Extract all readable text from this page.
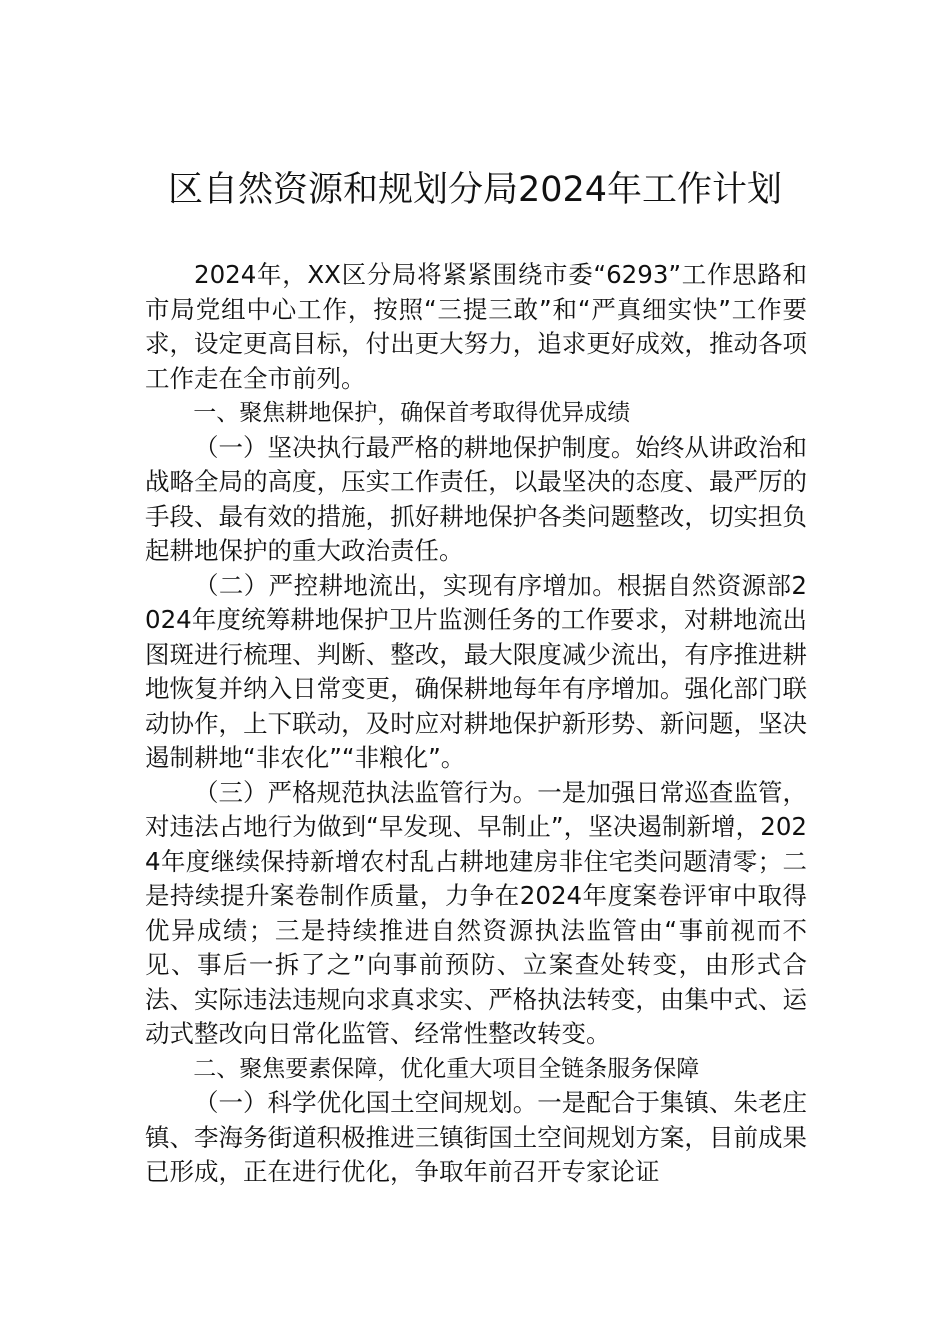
区自然资源和规划分局2024年工作计划

2024年，XX区分局将紧紧围绕市委“6293”工作思路和市局党组中心工作，按照“三提三敢”和“严真细实快”工作要求，设定更高目标，付出更大努力，追求更好成效，推动各项工作走在全市前列。

一、聚焦耕地保护，确保首考取得优异成绩

（一）坚决执行最严格的耕地保护制度。始终从讲政治和战略全局的高度，压实工作责任，以最坚决的态度、最严厉的手段、最有效的措施，抓好耕地保护各类问题整改，切实担负起耕地保护的重大政治责任。

（二）严控耕地流出，实现有序增加。根据自然资源部2024年度统筹耕地保护卫片监测任务的工作要求，对耕地流出图斑进行梳理、判断、整改，最大限度减少流出，有序推进耕地恢复并纳入日常变更，确保耕地每年有序增加。强化部门联动协作，上下联动，及时应对耕地保护新形势、新问题，坚决遏制耕地“非农化”“非粮化”。

（三）严格规范执法监管行为。一是加强日常巡查监管，对违法占地行为做到“早发现、早制止”，坚决遏制新增，2024年度继续保持新增农村乱占耕地建房非住宅类问题清零；二是持续提升案卷制作质量，力争在2024年度案卷评审中取得优异成绩；三是持续推进自然资源执法监管由“事前视而不见、事后一拆了之”向事前预防、立案查处转变，由形式合法、实际违法违规向求真求实、严格执法转变，由集中式、运动式整改向日常化监管、经常性整改转变。

二、聚焦要素保障，优化重大项目全链条服务保障

（一）科学优化国土空间规划。一是配合于集镇、朱老庄镇、李海务街道积极推进三镇街国土空间规划方案，目前成果已形成，正在进行优化，争取年前召开专家论证
